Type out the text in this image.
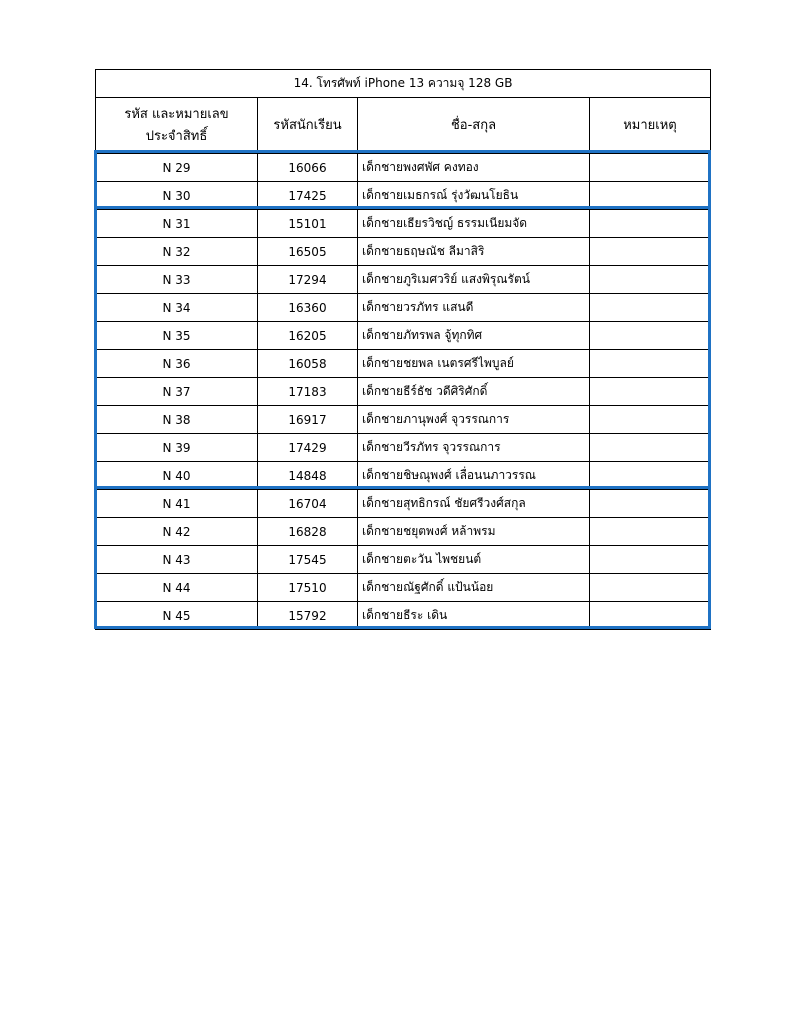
14. โทรศัพท์ iPhone 13 ความจุ 128 GB			
รหัส และหมายเลข
ประจำสิทธิ์	รหัสนักเรียน	ชื่อ-สกุล	หมายเหตุ
N 29	16066	เด็กชายพงศพัศ คงทอง	
N 30	17425	เด็กชายเมธกรณ์ รุ่งวัฒนโยธิน	
N 31	15101	เด็กชายเธียรวิชญ์ ธรรมเนียมจัด	
N 32	16505	เด็กชายธฤษณัช ลีมาสิริ	
N 33	17294	เด็กชายภูริเมศวริย์ แสงพิรุณรัตน์	
N 34	16360	เด็กชายวรภัทร แสนดี	
N 35	16205	เด็กชายภัทรพล จู้ทุกทิศ	
N 36	16058	เด็กชายชยพล เนตรศรีไพบูลย์	
N 37	17183	เด็กชายธีร์ธัช วดีศิริศักดิ์	
N 38	16917	เด็กชายภานุพงศ์ จุวรรณการ	
N 39	17429	เด็กชายวีรภัทร จุวรรณการ	
N 40	14848	เด็กชายชิษณุพงศ์ เลื่อนนภาวรรณ	
N 41	16704	เด็กชายสุทธิกรณ์ ชัยศรีวงศ์สกุล	
N 42	16828	เด็กชายชยุตพงศ์ หล้าพรม	
N 43	17545	เด็กชายตะวัน ไพชยนต์	
N 44	17510	เด็กชายณัฐศักดิ์ แป้นน้อย	
N 45	15792	เด็กชายธีระ เดิน	
